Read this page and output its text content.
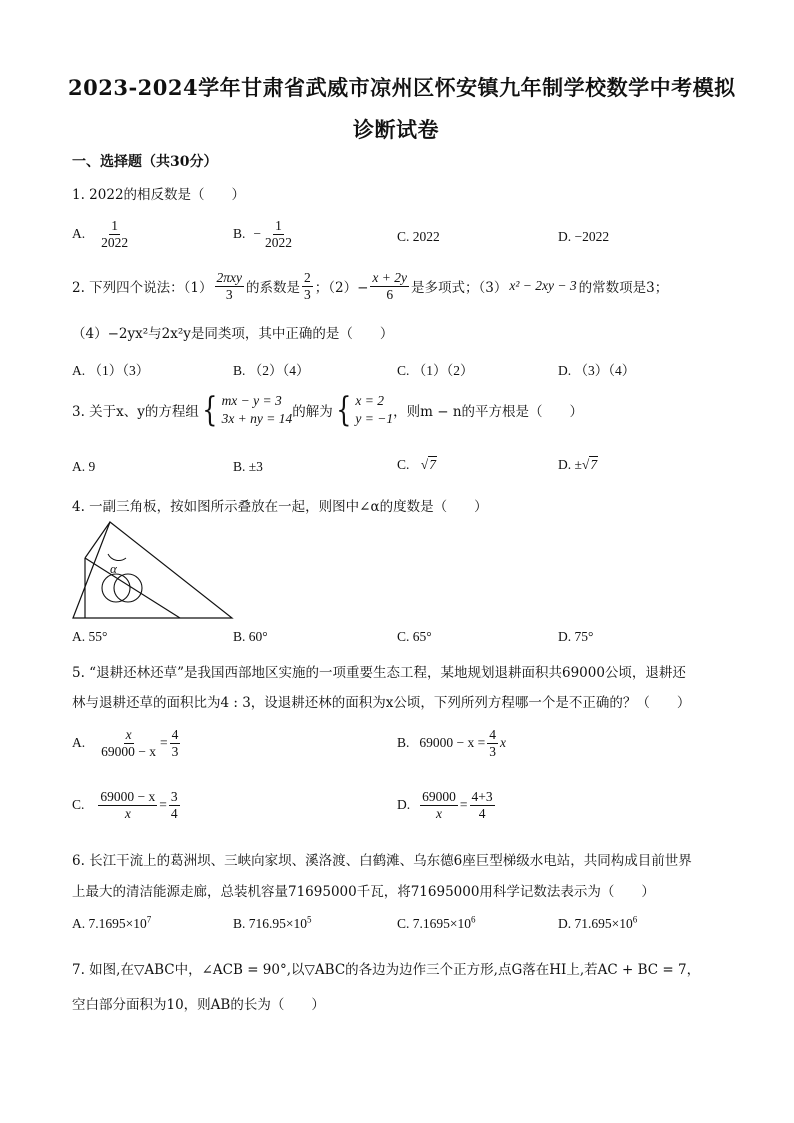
2023-2024学年甘肃省武威市凉州区怀安镇九年制学校数学中考模拟
诊断试卷
一、选择题（共30分）
1. 2022的相反数是（　　）
A. $\frac{1}{2022}$	B. − $\frac{1}{2022}$	C. 2022	D. −2022
2. 下列四个说法：$(1) \frac{\text{2πxy}}{3}$ 的系数是 $\frac{2}{3}$ ；$(2)- \frac{x + 2y}{6}$ 是多项式；（3） x² − 2xy − 3 的常数项是3；
（4）−2yx²与2x²y是同类项，其中正确的是（　　）
A. （1）（3）	B. （2）（4）	C. （1）（2）	D. （3）（4）
3. 关于x、y的方程组 { mx − y = 3
3x + ny = 14 的解为 { x = 2
y = −1 ，则m − n的平方根是（　　）
A. 9	B. ±3	C. √7	D. ±√7
4. 一副三角板，按如图所示叠放在一起，则图中∠α的度数是（　　）
α
A. 55°	B. 60°	C. 65°	D. 75°
5. “退耕还林还草”是我国西部地区实施的一项重要生态工程，某地规划退耕面积共69000公顷，退耕还
林与退耕还草的面积比为4 : 3，设退耕还林的面积为x公顷，下列所列方程哪一个是不正确的？（　　）
A. $\frac{x}{69000 - x} = \frac{4}{3}$	B. $69000 - x = \frac{4}{3}$ x
C. $\frac{69000 - x}{x} = \frac{3}{4}$	D. $\frac{69000}{x} = \frac{4+3}{4}$
6. 长江干流上的葛洲坝、三峡向家坝、溪洛渡、白鹤滩、乌东德6座巨型梯级水电站，共同构成目前世界
上最大的清洁能源走廊，总装机容量71695000千瓦，将71695000用科学记数法表示为（　　）
A. $7.1695\times 10^7$	B. $716.95\times 10^5$	C. $7.1695\times 10^6$	D. $71.695\times 10^6$
7. 如图,在▽ABC中，∠ACB = 90°,以▽ABC的各边为边作三个正方形,点G落在HI上,若AC + BC = 7，
空白部分面积为10，则AB的长为（　　）
